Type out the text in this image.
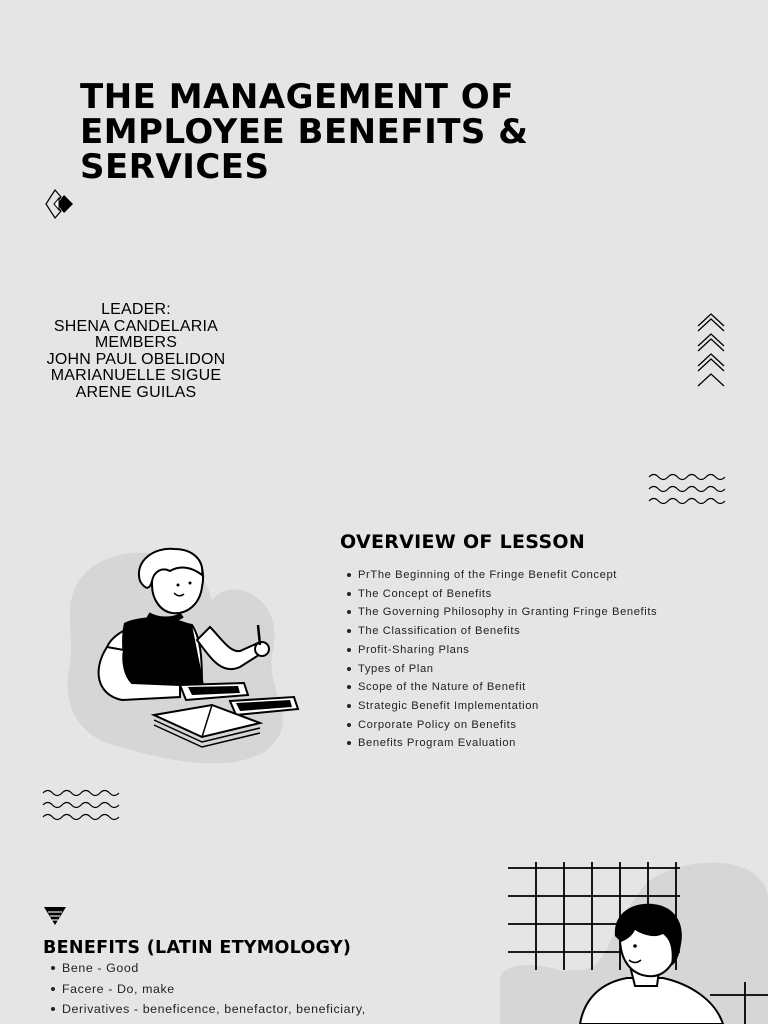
THE MANAGEMENT OF
EMPLOYEE BENEFITS &
SERVICES
LEADER:
SHENA CANDELARIA
MEMBERS
JOHN PAUL OBELIDON
MARIANUELLE SIGUE
ARENE GUILAS
OVERVIEW OF LESSON
PrThe Beginning of the Fringe Benefit Concept
The Concept of Benefits
The Governing Philosophy in Granting Fringe Benefits
The Classification of Benefits
Profit-Sharing Plans
Types of Plan
Scope of the Nature of Benefit
Strategic Benefit Implementation
Corporate Policy on Benefits
Benefits Program Evaluation
BENEFITS (LATIN ETYMOLOGY)
Bene - Good
Facere - Do, make
Derivatives - beneficence, benefactor, beneficiary,
